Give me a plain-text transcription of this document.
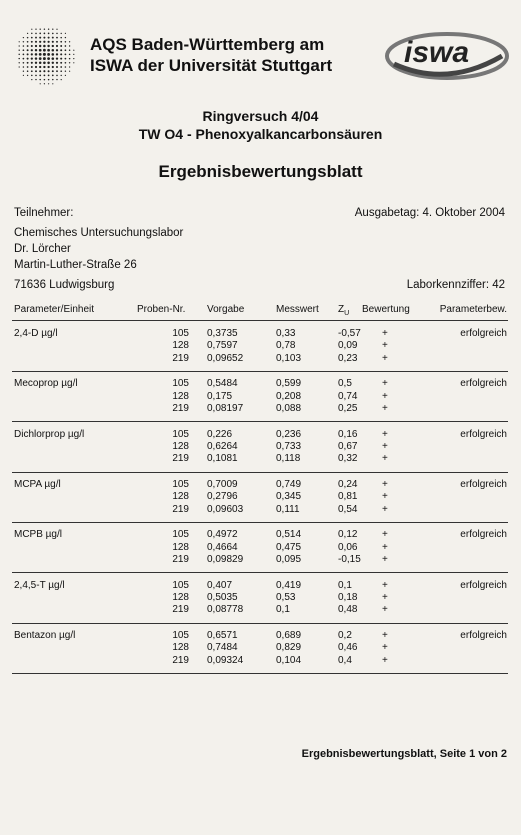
AQS Baden-Württemberg am
ISWA der Universität Stuttgart iswa
Ringversuch 4/04
TW O4 - Phenoxyalkancarbonsäuren
Ergebnisbewertungsblatt
Teilnehmer:	Ausgabetag: 4. Oktober 2004
Chemisches Untersuchungslabor
Dr. Lörcher
Martin-Luther-Straße 26
71636 Ludwigsburg	Laborkennziffer: 42
Parameter/Einheit	Proben-Nr. Vorgabe	Messwert $Z_U$ Bewertung	Parameterbew.
2,4-D µg/l	erfolgreich
105 0,3735	0,33	-0,57 +
128 0,7597	0,78	0,09 +
219 0,09652	0,103	0,23 +
Mecoprop µg/l	erfolgreich
105 0,5484	0,599	0,5	+
128 0,175	0,208	0,74 +
219 0,08197	0,088	0,25 +
Dichlorprop µg/l	erfolgreich
105 0,226	0,236	0,16 +
128 0,6264	0,733	0,67 +
219 0,1081	0,118	0,32 +
MCPA µg/l	erfolgreich
105 0,7009	0,749	0,24 +
128 0,2796	0,345	0,81 +
219 0,09603	0,111	0,54 +
MCPB µg/l	erfolgreich
105 0,4972	0,514	0,12 +
128 0,4664	0,475	0,06 +
219 0,09829	0,095	-0,15 +
2,4,5-T µg/l	erfolgreich
105 0,407	0,419	0,1	+
128 0,5035	0,53	0,18 +
219 0,08778	0,1	0,48 +
Bentazon µg/l	erfolgreich
105 0,6571	0,689	0,2	+
128 0,7484	0,829	0,46 +
219 0,09324	0,104	0,4	+
Ergebnisbewertungsblatt, Seite 1 von 2
